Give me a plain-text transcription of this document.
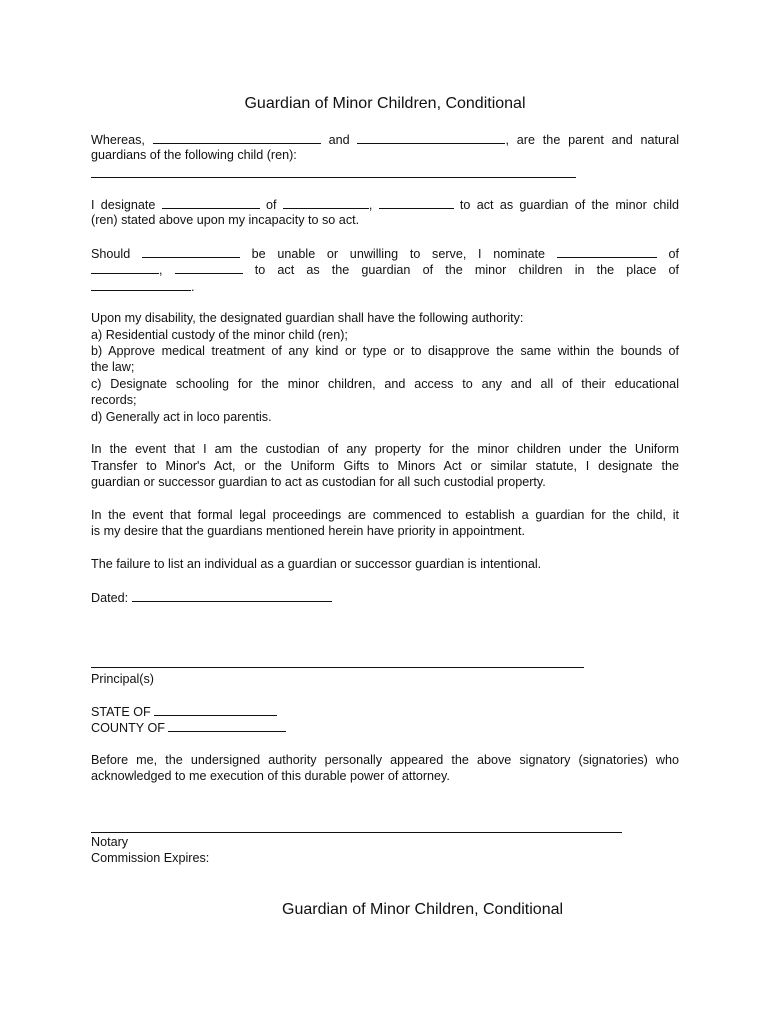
Guardian of Minor Children, Conditional

Whereas,	and	, are the parent and natural

guardians of the following child (ren):

I designate	of	,	to act as guardian of the minor child

(ren) stated above upon my incapacity to so act.

Should	be unable or unwilling to serve, I nominate	of

,	to act as the guardian of the minor children in the place of

.

Upon my disability, the designated guardian shall have the following authority:

a) Residential custody of the minor child (ren);

b) Approve medical treatment of any kind or type or to disapprove the same within the bounds of

the law;

c) Designate schooling for the minor children, and access to any and all of their educational

records;

d) Generally act in loco parentis.

In the event that I am the custodian of any property for the minor children under the Uniform

Transfer to Minor's Act, or the Uniform Gifts to Minors Act or similar statute, I designate the

guardian or successor guardian to act as custodian for all such custodial property.

In the event that formal legal proceedings are commenced to establish a guardian for the child, it

is my desire that the guardians mentioned herein have priority in appointment.

The failure to list an individual as a guardian or successor guardian is intentional.

Dated:

Principal(s)

STATE OF

COUNTY OF

Before me, the undersigned authority personally appeared the above signatory (signatories) who

acknowledged to me execution of this durable power of attorney.

Notary

Commission Expires:

Guardian of Minor Children, Conditional
